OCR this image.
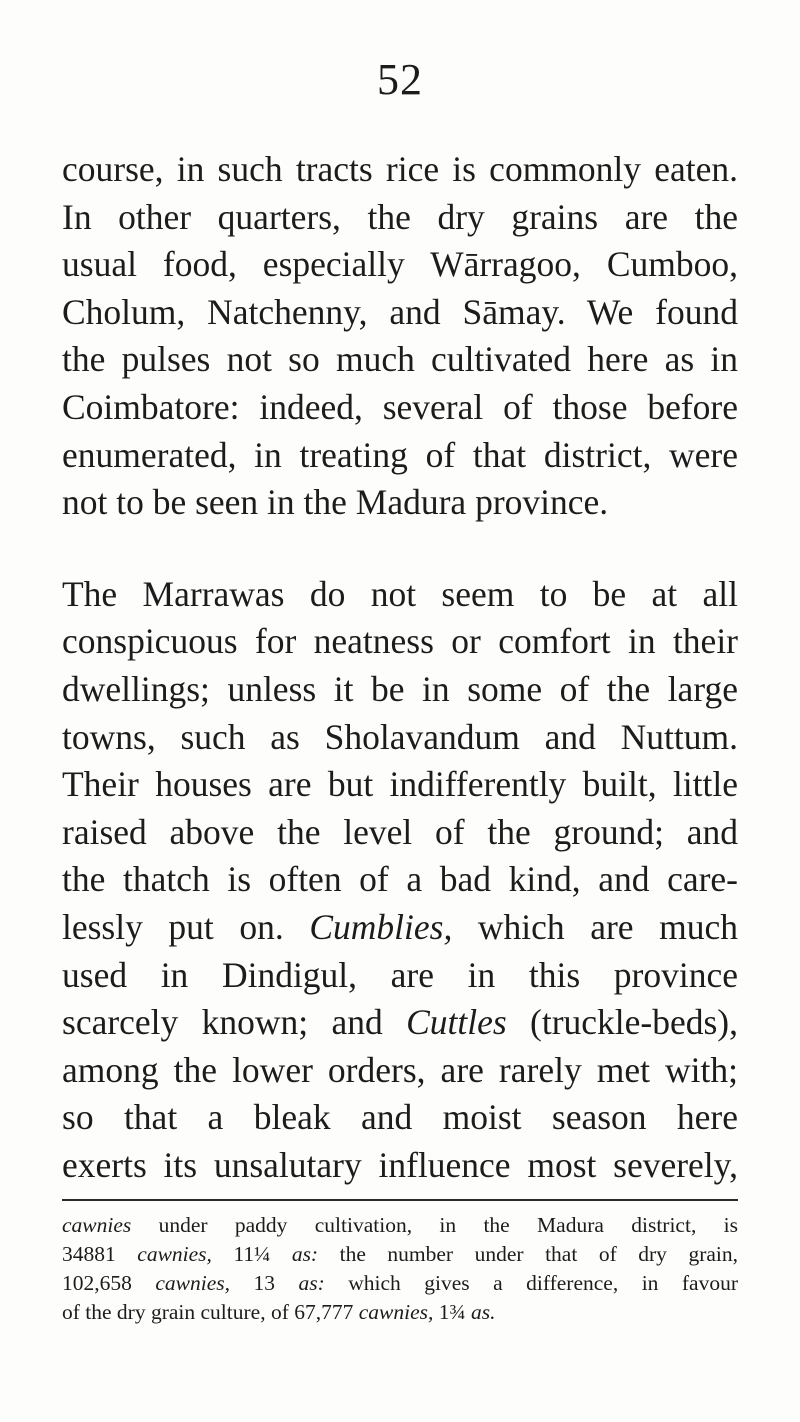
52

course, in such tracts rice is commonly eaten.

In other quarters, the dry grains are the

usual food, especially Wārragoo, Cumboo,

Cholum, Natchenny, and Sāmay. We found

the pulses not so much cultivated here as in

Coimbatore: indeed, several of those before

enumerated, in treating of that district, were

not to be seen in the Madura province.

The Marrawas do not seem to be at all

conspicuous for neatness or comfort in their

dwellings; unless it be in some of the large

towns, such as Sholavandum and Nuttum.

Their houses are but indifferently built, little

raised above the level of the ground; and

the thatch is often of a bad kind, and care-

lessly put on. Cumblies, which are much

used in Dindigul, are in this province

scarcely known; and Cuttles (truckle-beds),

among the lower orders, are rarely met with;

so that a bleak and moist season here

exerts its unsalutary influence most severely,

cawnies under paddy cultivation, in the Madura district, is

34881 cawnies, 11¼ as: the number under that of dry grain,

102,658 cawnies, 13 as: which gives a difference, in favour

of the dry grain culture, of 67,777 cawnies, 1¾ as.
